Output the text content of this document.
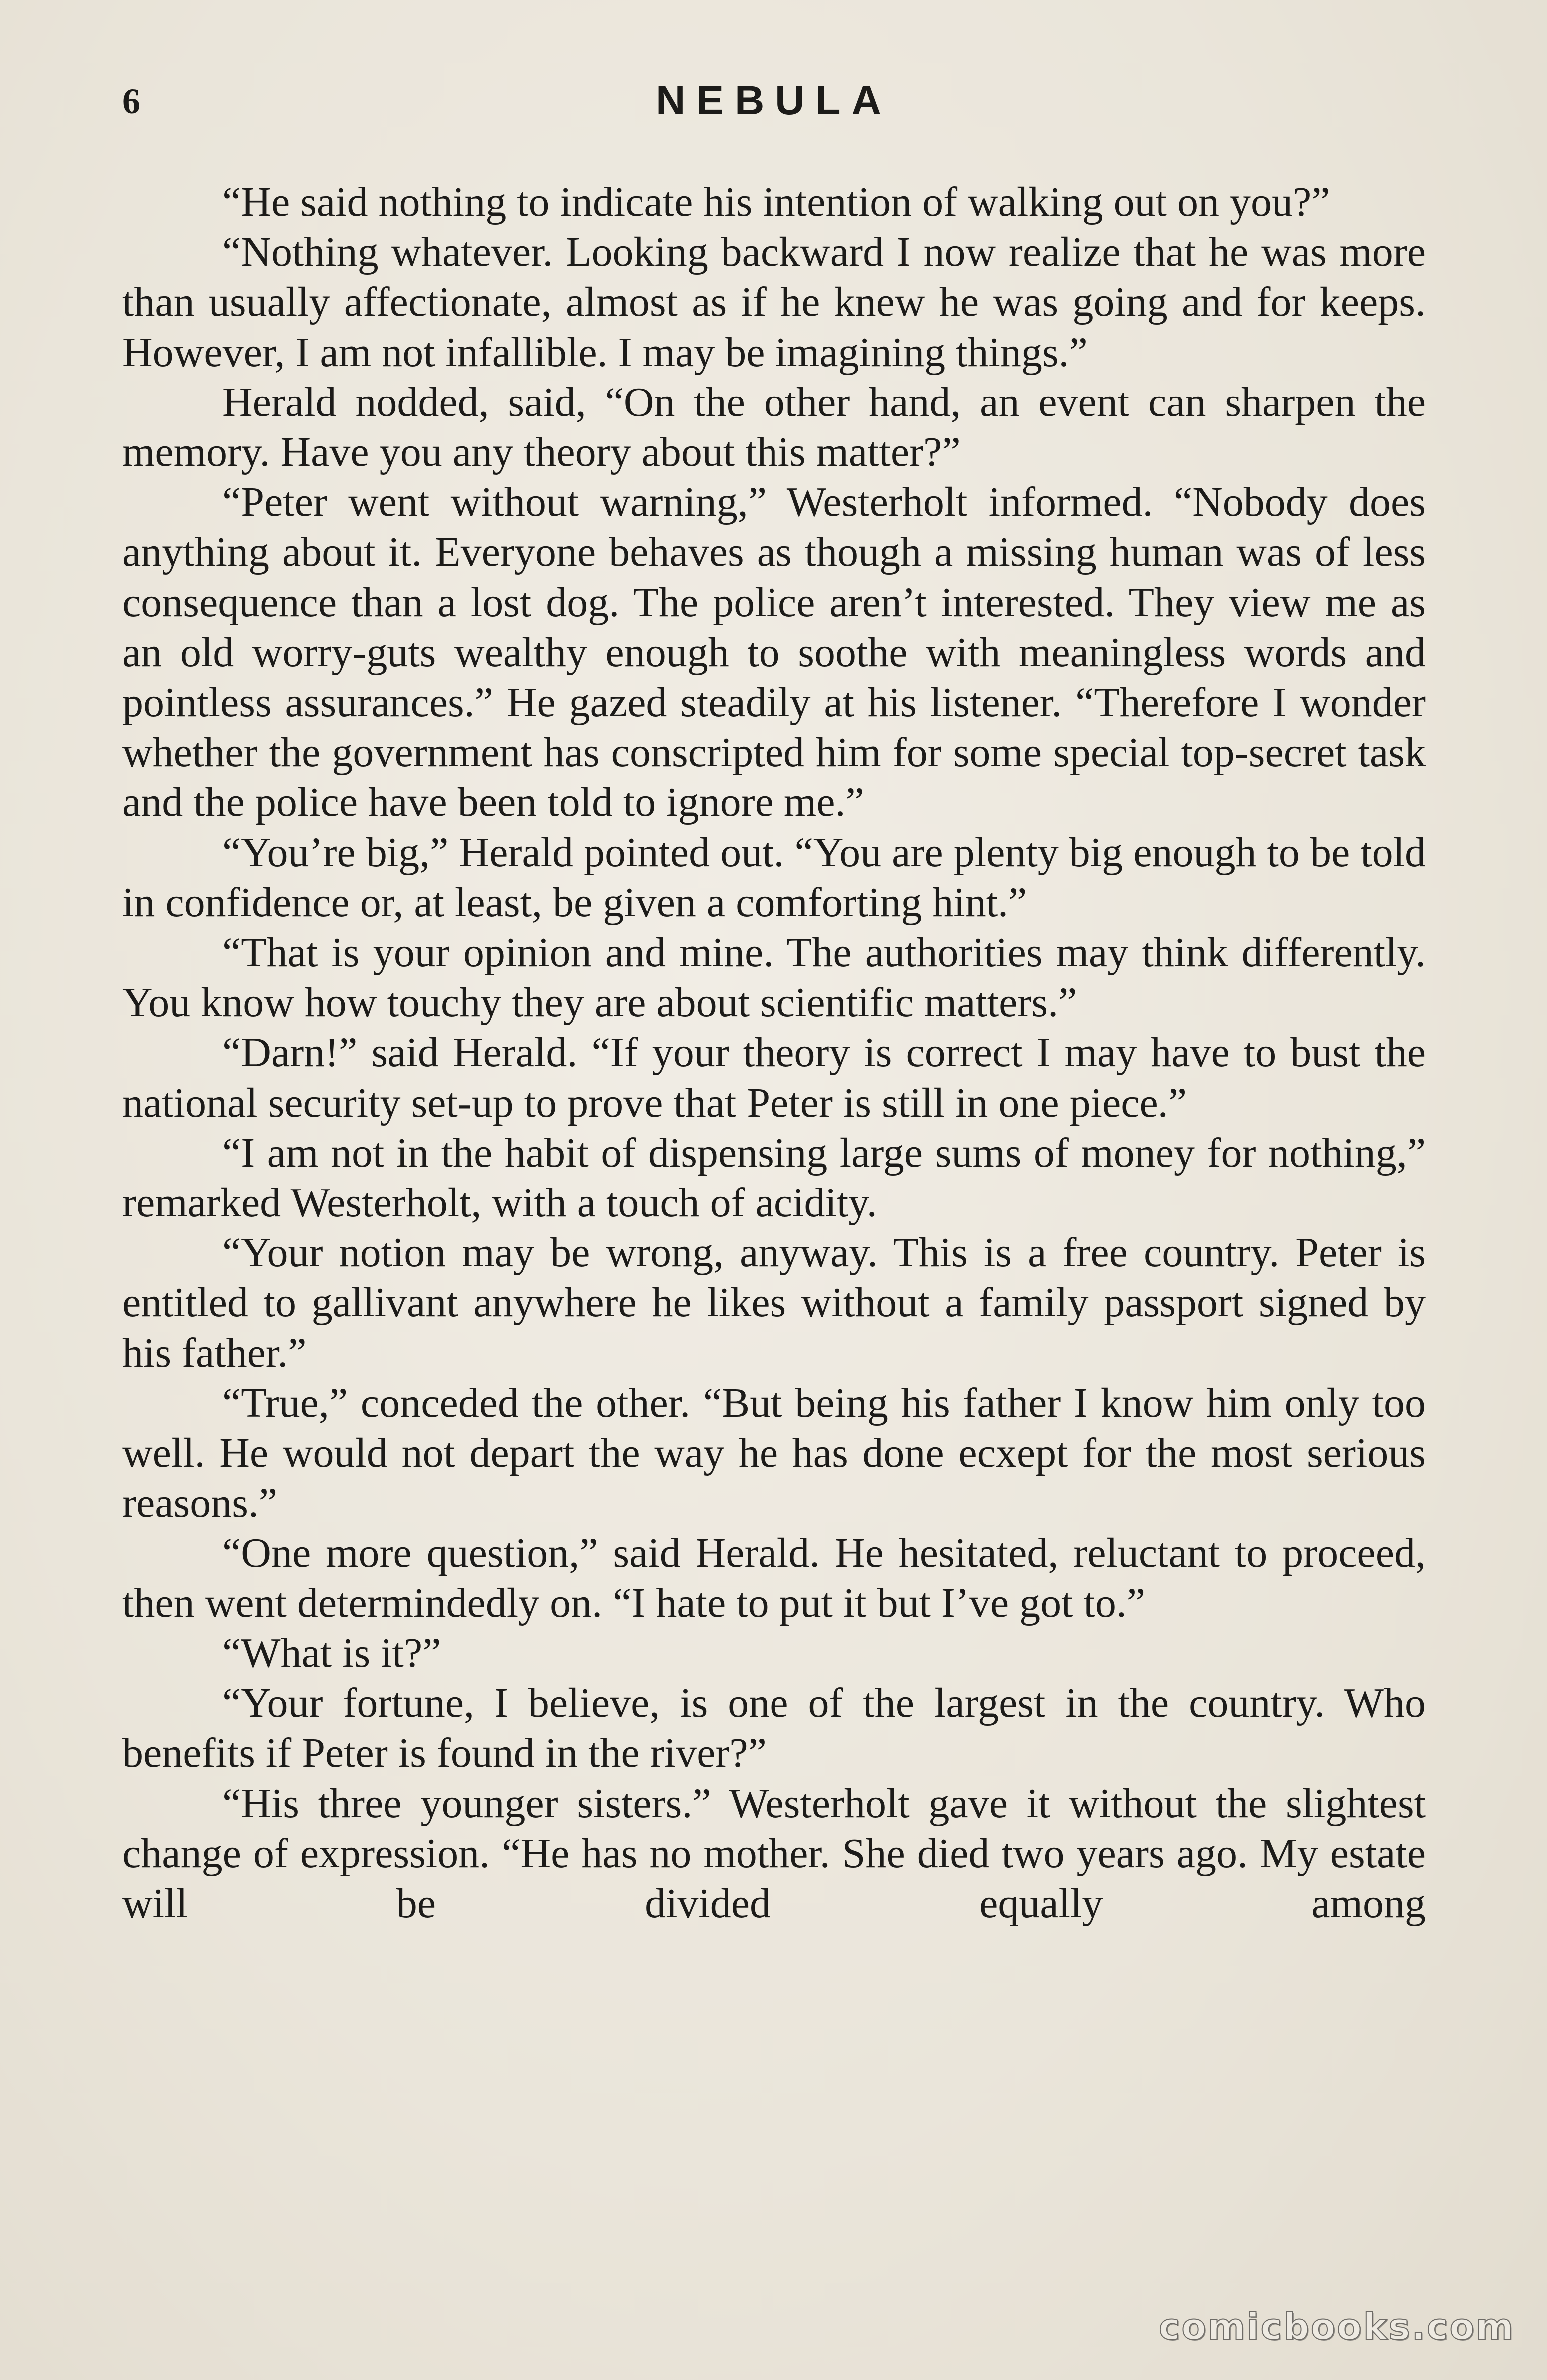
6	NEBULA

“He said nothing to indicate his intention of walking out on you?”

“Nothing whatever. Looking backward I now realize that he was more than usually affectionate, almost as if he knew he was going and for keeps. However, I am not infallible. I may be imagining things.”

Herald nodded, said, “On the other hand, an event can sharpen the memory. Have you any theory about this matter?”

“Peter went without warning,” Westerholt informed. “Nobody does anything about it. Everyone behaves as though a missing human was of less consequence than a lost dog. The police aren’t interested. They view me as an old worry-guts wealthy enough to soothe with meaningless words and pointless assurances.” He gazed steadily at his listener. “Therefore I wonder whether the government has conscripted him for some special top-secret task and the police have been told to ignore me.”

“You’re big,” Herald pointed out. “You are plenty big enough to be told in confidence or, at least, be given a comforting hint.”

“That is your opinion and mine. The authorities may think differently. You know how touchy they are about scientific matters.”

“Darn!” said Herald. “If your theory is correct I may have to bust the national security set-up to prove that Peter is still in one piece.”

“I am not in the habit of dispensing large sums of money for nothing,” remarked Westerholt, with a touch of acidity.

“Your notion may be wrong, anyway. This is a free country. Peter is entitled to gallivant anywhere he likes without a family passport signed by his father.”

“True,” conceded the other. “But being his father I know him only too well. He would not depart the way he has done ecxept for the most serious reasons.”

“One more question,” said Herald. He hesitated, reluctant to proceed, then went determindedly on. “I hate to put it but I’ve got to.”

“What is it?”

“Your fortune, I believe, is one of the largest in the country. Who benefits if Peter is found in the river?”

“His three younger sisters.” Westerholt gave it without the slightest change of expression. “He has no mother. She died two years ago. My estate will be divided equally among

comicbooks.com
